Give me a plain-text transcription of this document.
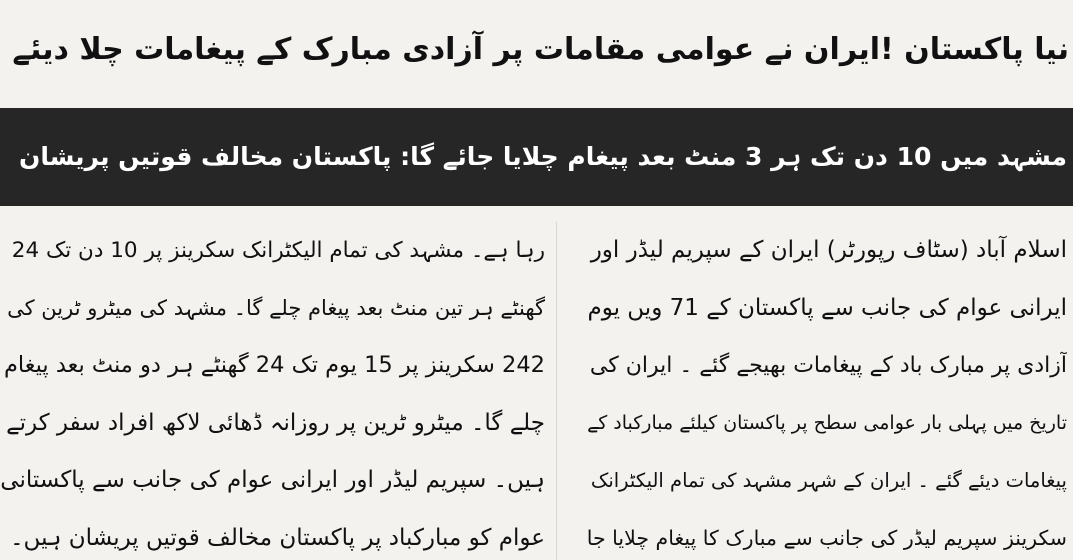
نیا پاکستان !ایران نے عوامی مقامات پر آزادی مبارک کے پیغامات چلا دیئے
مشہد میں 10 دن تک ہر 3 منٹ بعد پیغام چلایا جائے گا: پاکستان مخالف قوتیں پریشان
اسلام آباد (سٹاف رپورٹر) ایران کے سپریم لیڈر اور
ایرانی عوام کی جانب سے پاکستان کے 71 ویں یوم
آزادی پر مبارک باد کے پیغامات بھیجے گئے ۔ ایران کی
تاریخ میں پہلی بار عوامی سطح پر پاکستان کیلئے مبارکباد کے
پیغامات دیئے گئے ۔ ایران کے شہر مشہد کی تمام الیکٹرانک
سکرینز سپریم لیڈر کی جانب سے مبارک کا پیغام چلایا جا
رہا ہے۔ مشہد کی تمام الیکٹرانک سکرینز پر 10 دن تک 24
گھنٹے ہر تین منٹ بعد پیغام چلے گا۔ مشہد کی میٹرو ٹرین کی
242 سکرینز پر 15 یوم تک 24 گھنٹے ہر دو منٹ بعد پیغام
چلے گا۔ میٹرو ٹرین پر روزانہ ڈھائی لاکھ افراد سفر کرتے
ہیں۔ سپریم لیڈر اور ایرانی عوام کی جانب سے پاکستانی
عوام کو مبارکباد پر پاکستان مخالف قوتیں پریشان ہیں۔
